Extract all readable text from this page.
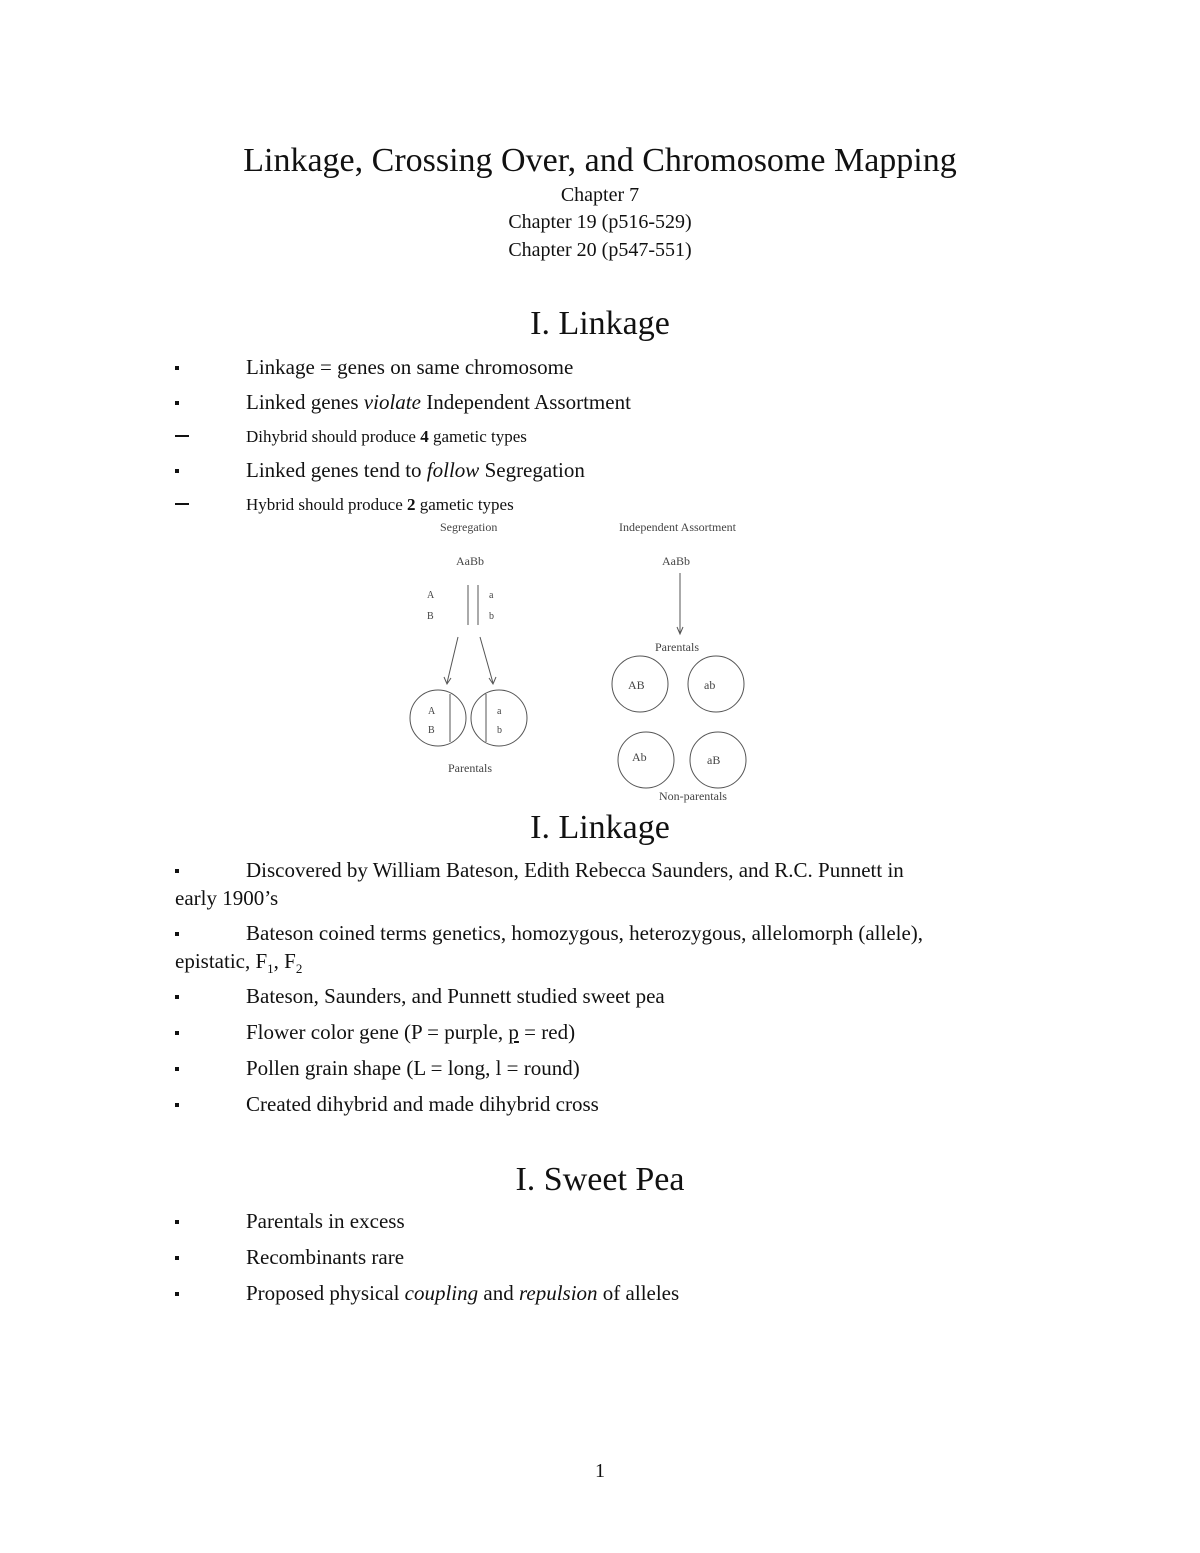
Linkage, Crossing Over, and Chromosome Mapping
Chapter 7
Chapter 19 (p516-529)
Chapter 20 (p547-551)
I. Linkage
Linkage = genes on same chromosome
Linked genes violate Independent Assortment
Dihybrid should produce 4 gametic types
Linked genes tend to follow Segregation
Hybrid should produce 2 gametic types
Segregation	Independent Assortment
AaBb	AaBb
A
B
a
b
A
B
a
b
Parentals
Parentals
AB	ab
Ab	aB
Non-parentals
I. Linkage
Discovered by William Bateson, Edith Rebecca Saunders, and R.C. Punnett in
early 1900’s
Bateson coined terms genetics, homozygous, heterozygous, allelomorph (allele),
epistatic, $F_1$, $F_2$
Bateson, Saunders, and Punnett studied sweet pea
Flower color gene (P = purple, p = red)
Pollen grain shape (L = long, l = round)
Created dihybrid and made dihybrid cross
I. Sweet Pea
Parentals in excess
Recombinants rare
Proposed physical coupling and repulsion of alleles
1
